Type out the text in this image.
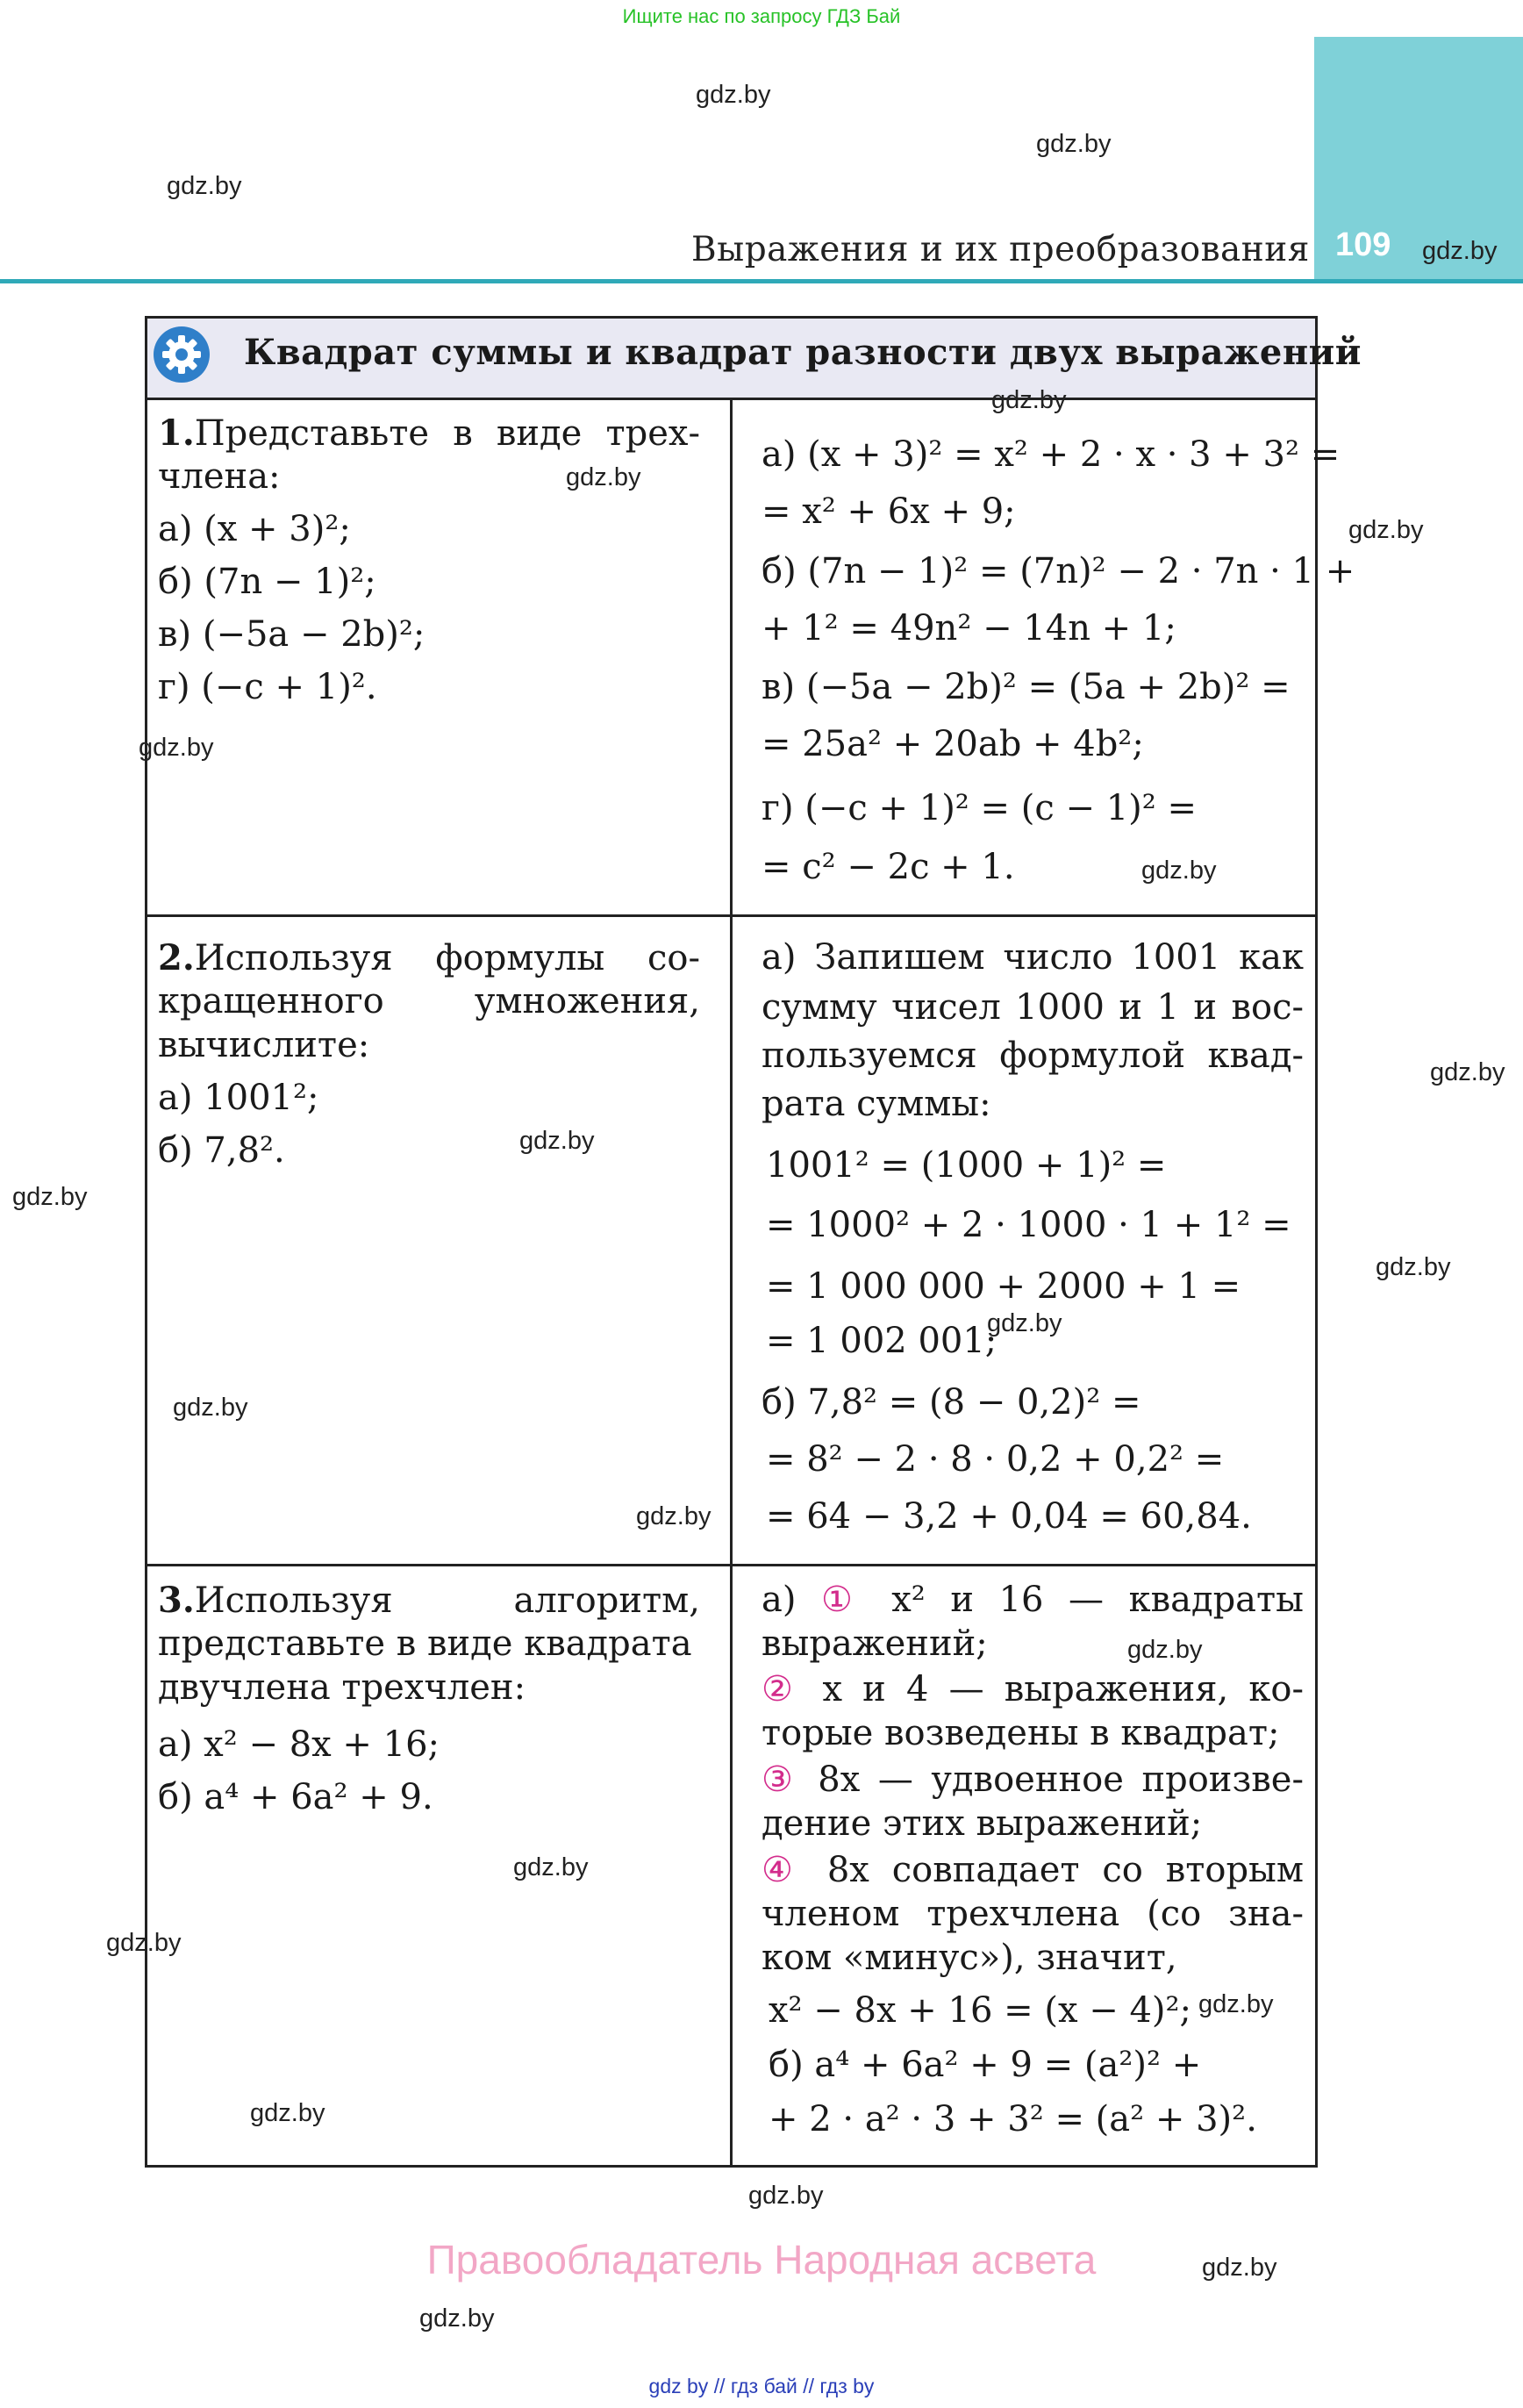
Ищите нас по запросу ГДЗ Бай
109
Выражения и их преобразования
gdz.by
gdz.by
gdz.by
gdz.by
Квадрат суммы и квадрат разности двух выражений
1.Представьте в виде трех-
члена:
а) (x + 3)²;
б) (7n − 1)²;
в) (−5a − 2b)²;
г) (−c + 1)².
а) (x + 3)² = x² + 2 · x · 3 + 3² =
= x² + 6x + 9;
б) (7n − 1)² = (7n)² − 2 · 7n · 1 +
+ 1² = 49n² − 14n + 1;
в) (−5a − 2b)² = (5a + 2b)² =
= 25a² + 20ab + 4b²;
г) (−c + 1)² = (c − 1)² =
= c² − 2c + 1.
gdz.by
gdz.by
gdz.by
gdz.by
gdz.by
2.Используя формулы со-
кращенного умножения,
вычислите:
а) 1001²;
б) 7,8².
а) Запишем число 1001 как
сумму чисел 1000 и 1 и вос-
пользуемся формулой квад-
рата суммы:
1001² = (1000 + 1)² =
= 1000² + 2 · 1000 · 1 + 1² =
= 1 000 000 + 2000 + 1 =
= 1 002 001;
б) 7,8² = (8 − 0,2)² =
= 8² − 2 · 8 · 0,2 + 0,2² =
= 64 − 3,2 + 0,04 = 60,84.
gdz.by
gdz.by
gdz.by
gdz.by
gdz.by
gdz.by
gdz.by
3.Используя алгоритм,
представьте в виде квадрата
двучлена трехчлен:
а) x² − 8x + 16;
б) a⁴ + 6a² + 9.
а) ① x² и 16 — квадраты
выражений;
② x и 4 — выражения, ко-
торые возведены в квадрат;
③ 8x — удвоенное произве-
дение этих выражений;
④ 8x совпадает со вторым
членом трехчлена (со зна-
ком «минус»), значит,
x² − 8x + 16 = (x − 4)²;
б) a⁴ + 6a² + 9 = (a²)² +
+ 2 · a² · 3 + 3² = (a² + 3)².
gdz.by
gdz.by
gdz.by
gdz.by
gdz.by
gdz.by
Правообладатель Народная асвета	gdz.by
gdz.by
gdz by // гдз бай // гдз by
